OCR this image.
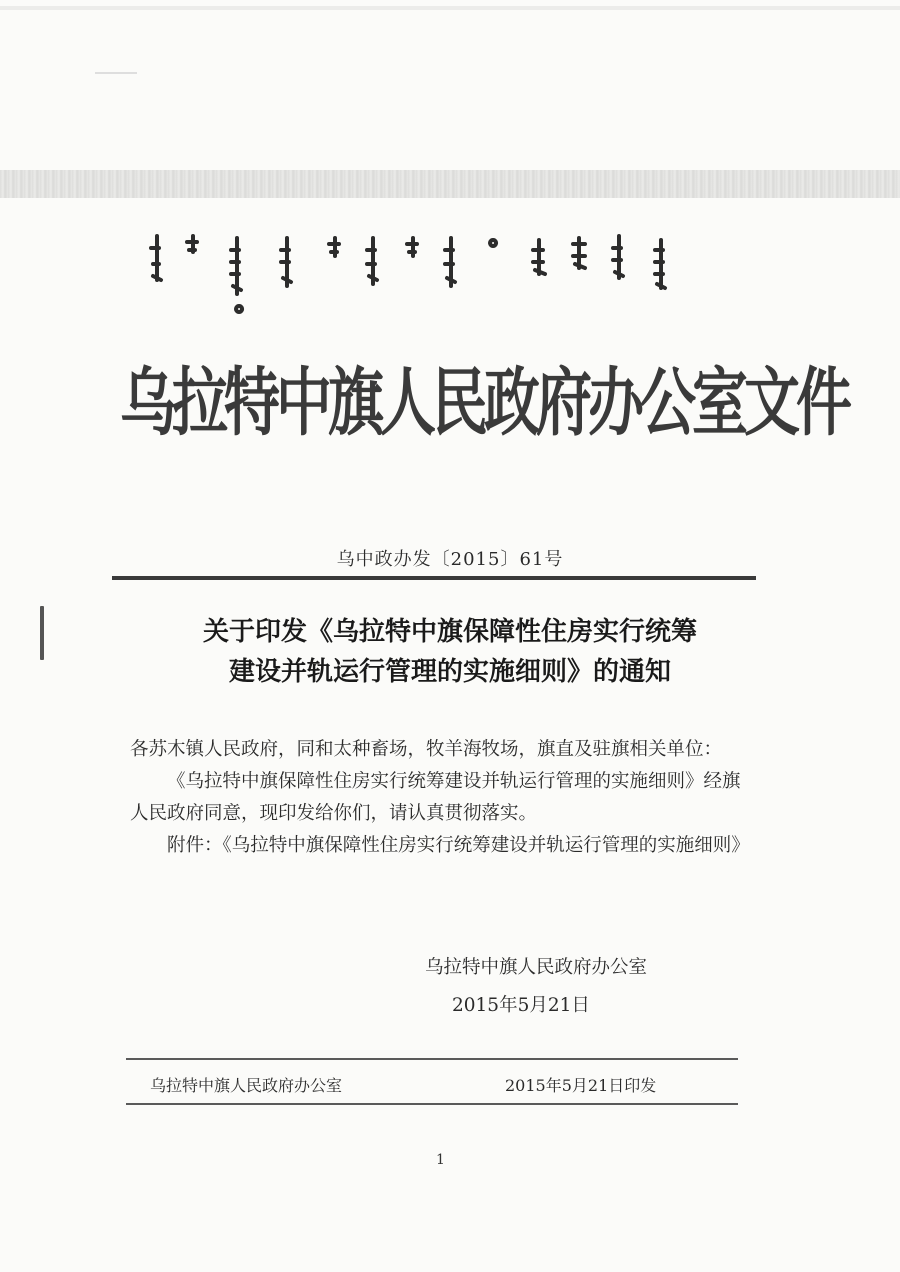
ᠤᠷᠠᠳ ᠳᠤᠮᠳᠠᠳᠤ ᠬᠣᠰᠢᠭᠤᠨ ᠤ ᠠᠷᠠᠳ ᠤᠨ ᠵᠠᠰᠠᠭ ᠤᠨ ᠭᠠᠵᠠᠷ ᠤᠨ ᠲᠠᠰᠤᠭ ᠤᠨ ᠪᠢᠴᠢᠭ
乌拉特中旗人民政府办公室文件
乌中政办发〔2015〕61号
关于印发《乌拉特中旗保障性住房实行统筹
建设并轨运行管理的实施细则》的通知

各苏木镇人民政府，同和太种畜场，牧羊海牧场，旗直及驻旗相关单位：

《乌拉特中旗保障性住房实行统筹建设并轨运行管理的实施细则》经旗人民政府同意，现印发给你们，请认真贯彻落实。

附件：《乌拉特中旗保障性住房实行统筹建设并轨运行管理的实施细则》

乌拉特中旗人民政府办公室
2015年5月21日
乌拉特中旗人民政府办公室	2015年5月21日印发
1
